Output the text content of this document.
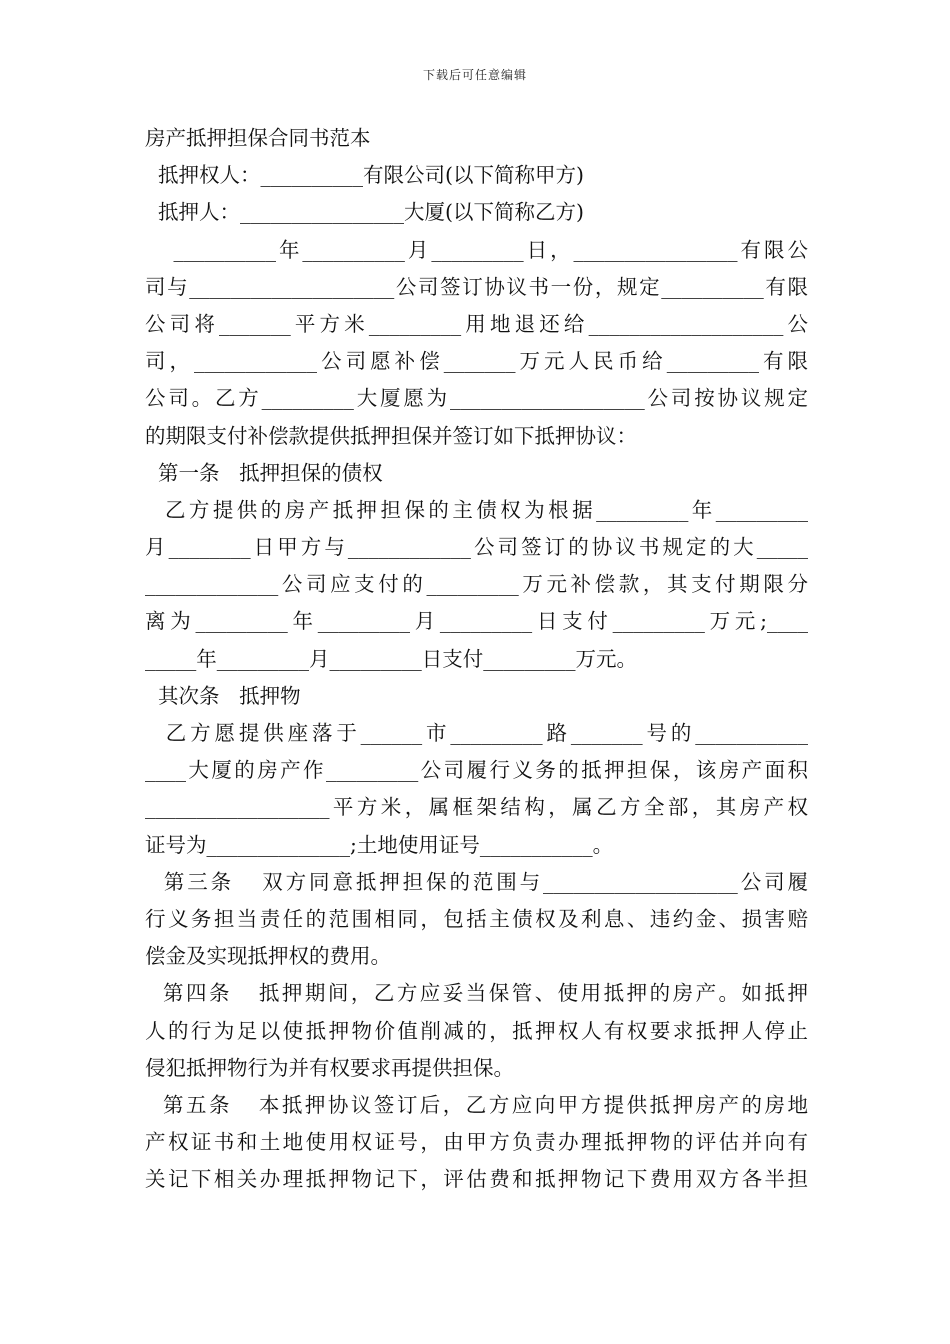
下载后可任意编辑
房产抵押担保合同书范本
抵押权人：__________有限公司(以下简称甲方)
抵押人：________________大厦(以下简称乙方)
__________年__________月_________日，________________有限公
司与____________________公司签订协议书一份，规定__________有限
公司将_______平方米_________用地退还给___________________公
司，____________公司愿补偿_______万元人民币给_________有限
公司。乙方_________大厦愿为___________________公司按协议规定
的期限支付补偿款提供抵押担保并签订如下抵押协议：
第一条   抵押担保的债权
乙方提供的房产抵押担保的主债权为根据_________年_________
月________日甲方与____________公司签订的协议书规定的大_____
_____________公司应支付的_________万元补偿款，其支付期限分
离为_________年_________月_________日支付_________万元;____
_____年_________月_________日支付_________万元。
其次条   抵押物
乙方愿提供座落于______市_________路_______号的___________
____大厦的房产作_________公司履行义务的抵押担保，该房产面积
__________________平方米，属框架结构，属乙方全部，其房产权
证号为______________;土地使用证号___________。
第三条   双方同意抵押担保的范围与___________________公司履
行义务担当责任的范围相同，包括主债权及利息、违约金、损害赔
偿金及实现抵押权的费用。
第四条   抵押期间，乙方应妥当保管、使用抵押的房产。如抵押
人的行为足以使抵押物价值削减的，抵押权人有权要求抵押人停止
侵犯抵押物行为并有权要求再提供担保。
第五条   本抵押协议签订后，乙方应向甲方提供抵押房产的房地
产权证书和土地使用权证号，由甲方负责办理抵押物的评估并向有
关记下相关办理抵押物记下，评估费和抵押物记下费用双方各半担
